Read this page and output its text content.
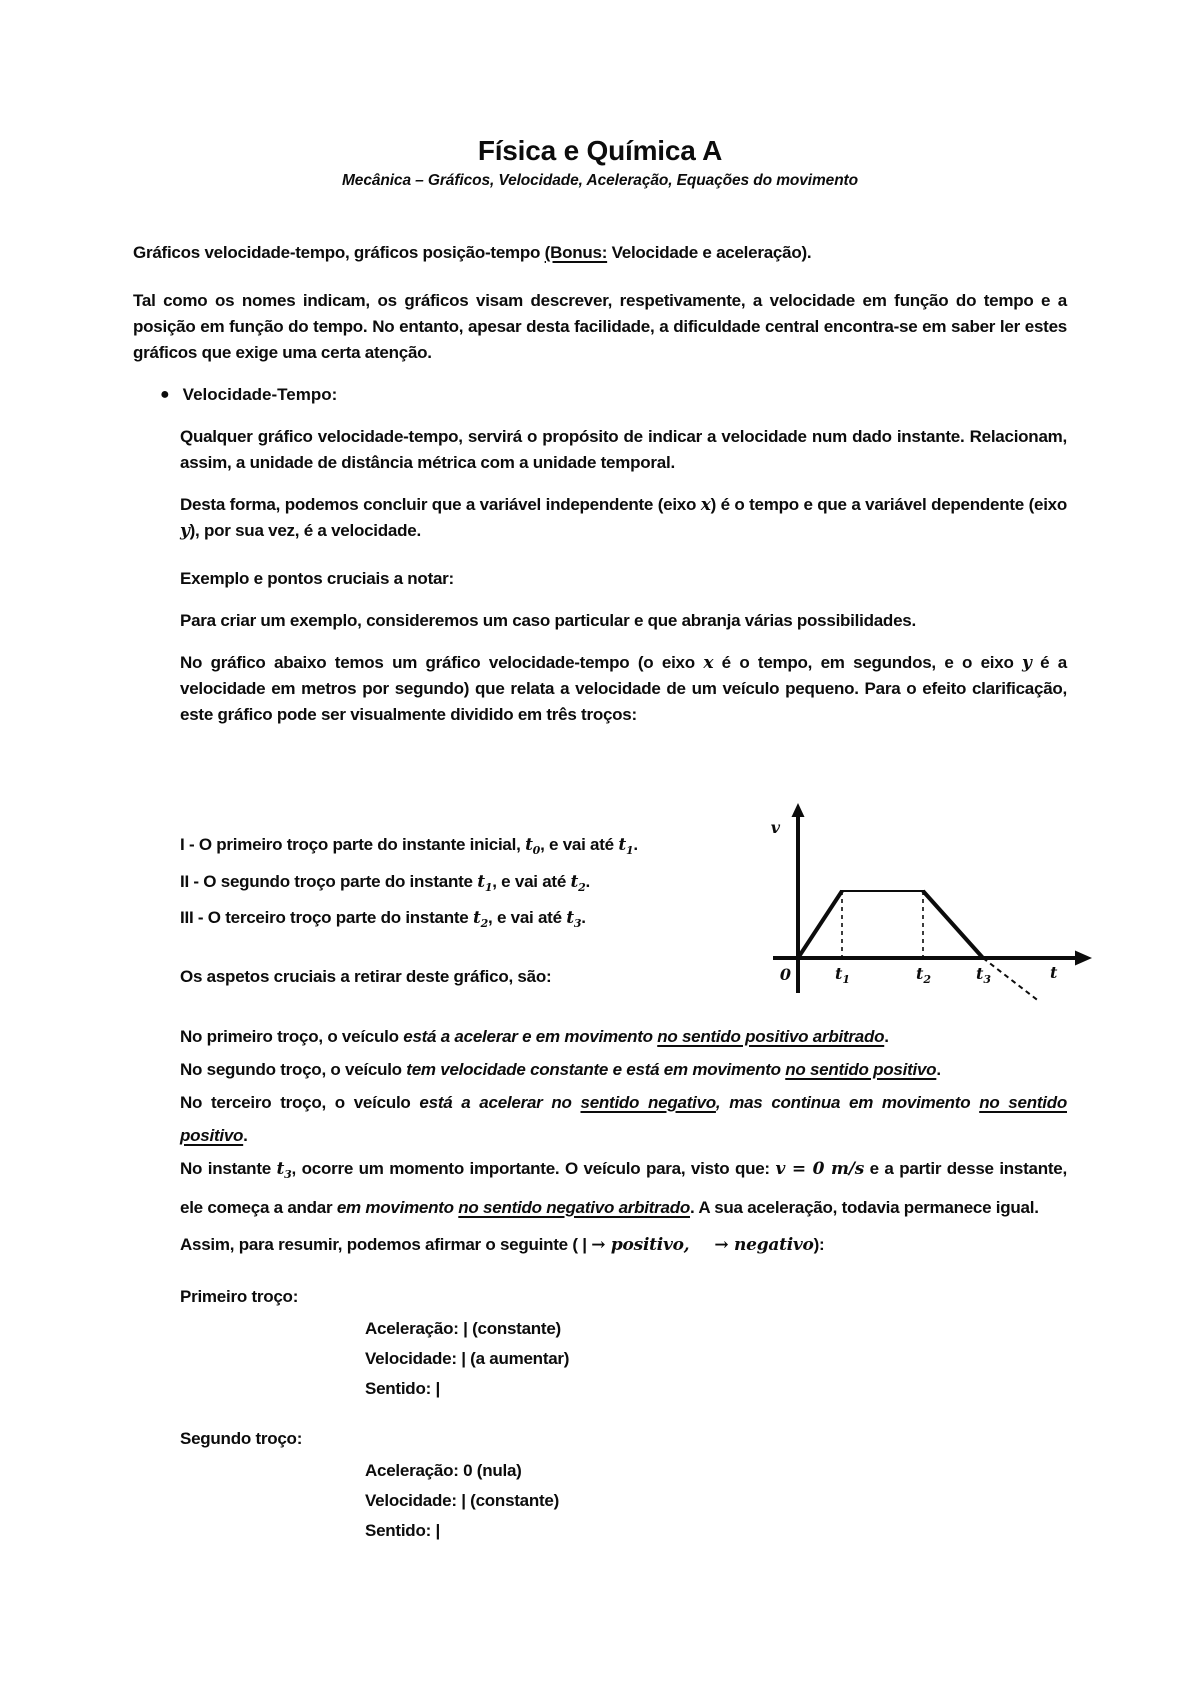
Física e Química A
Mecânica – Gráficos, Velocidade, Aceleração, Equações do movimento

Gráficos velocidade-tempo, gráficos posição-tempo (Bonus: Velocidade e aceleração).

Tal como os nomes indicam, os gráficos visam descrever, respetivamente, a velocidade em função do tempo e a posição em função do tempo. No entanto, apesar desta facilidade, a dificuldade central encontra-se em saber ler estes gráficos que exige uma certa atenção.

● Velocidade-Tempo:

Qualquer gráfico velocidade-tempo, servirá o propósito de indicar a velocidade num dado instante. Relacionam, assim, a unidade de distância métrica com a unidade temporal.

Desta forma, podemos concluir que a variável independente (eixo x) é o tempo e que a variável dependente (eixo y), por sua vez, é a velocidade.

Exemplo e pontos cruciais a notar:

Para criar um exemplo, consideremos um caso particular e que abranja várias possibilidades.

No gráfico abaixo temos um gráfico velocidade-tempo (o eixo x é o tempo, em segundos, e o eixo y é a velocidade em metros por segundo) que relata a velocidade de um veículo pequeno. Para o efeito clarificação, este gráfico pode ser visualmente dividido em três troços:

I - O primeiro troço parte do instante inicial, $t_0$, e vai até $t_1$.

II - O segundo troço parte do instante $t_1$, e vai até $t_2$.

III - O terceiro troço parte do instante $t_2$, e vai até $t_3$.

Os aspetos cruciais a retirar deste gráfico, são:

No primeiro troço, o veículo está a acelerar e em movimento no sentido positivo arbitrado.

No segundo troço, o veículo tem velocidade constante e está em movimento no sentido positivo.

No terceiro troço, o veículo está a acelerar no sentido negativo, mas continua em movimento no sentido positivo.

No instante $t_3$, ocorre um momento importante. O veículo para, visto que: v = 0 m/s e a partir desse instante, ele começa a andar em movimento no sentido negativo arbitrado. A sua aceleração, todavia permanece igual.

Assim, para resumir, podemos afirmar o seguinte ( | → positivo,   → negativo):

Primeiro troço:

Aceleração: | (constante)

Velocidade: | (a aumentar)

Sentido: |

Segundo troço:

Aceleração: 0 (nula)

Velocidade: | (constante)

Sentido: |

v
0	$t_1$	$t_2$	$t_3$	t
